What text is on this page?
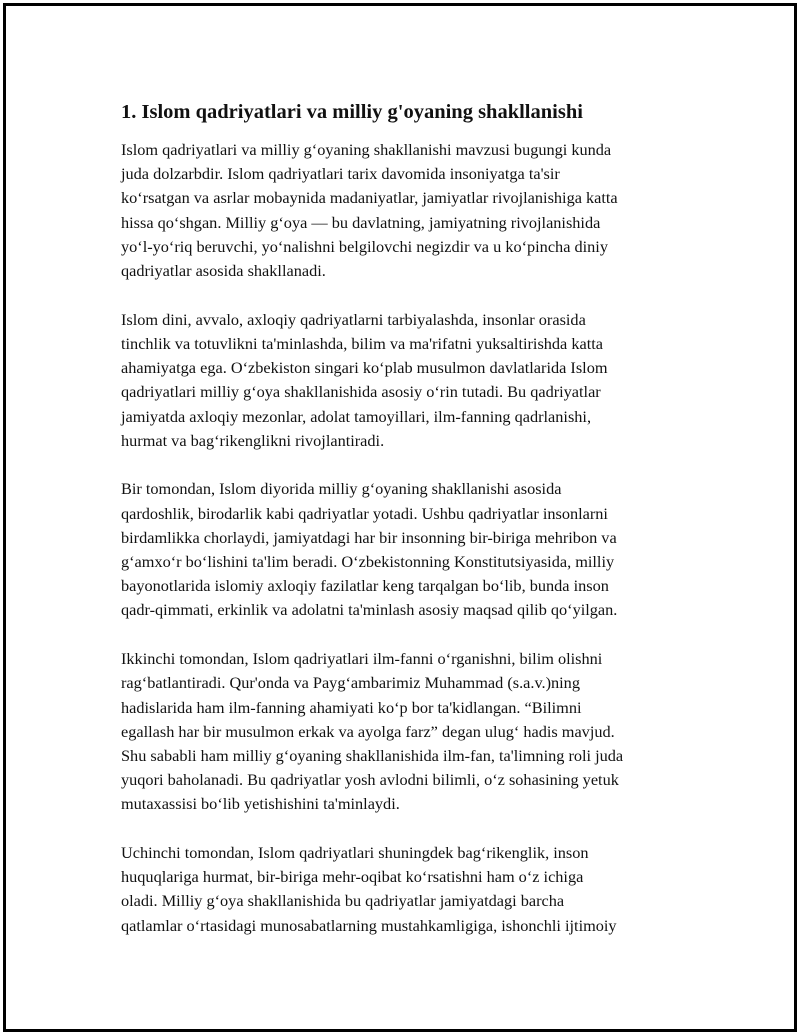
1. Islom qadriyatlari va milliy g'oyaning shakllanishi

Islom qadriyatlari va milliy g‘oyaning shakllanishi mavzusi bugungi kunda
juda dolzarbdir. Islom qadriyatlari tarix davomida insoniyatga ta'sir
ko‘rsatgan va asrlar mobaynida madaniyatlar, jamiyatlar rivojlanishiga katta
hissa qo‘shgan. Milliy g‘oya — bu davlatning, jamiyatning rivojlanishida
yo‘l-yo‘riq beruvchi, yo‘nalishni belgilovchi negizdir va u ko‘pincha diniy
qadriyatlar asosida shakllanadi.

Islom dini, avvalo, axloqiy qadriyatlarni tarbiyalashda, insonlar orasida
tinchlik va totuvlikni ta'minlashda, bilim va ma'rifatni yuksaltirishda katta
ahamiyatga ega. O‘zbekiston singari ko‘plab musulmon davlatlarida Islom
qadriyatlari milliy g‘oya shakllanishida asosiy o‘rin tutadi. Bu qadriyatlar
jamiyatda axloqiy mezonlar, adolat tamoyillari, ilm-fanning qadrlanishi,
hurmat va bag‘rikenglikni rivojlantiradi.

Bir tomondan, Islom diyorida milliy g‘oyaning shakllanishi asosida
qardoshlik, birodarlik kabi qadriyatlar yotadi. Ushbu qadriyatlar insonlarni
birdamlikka chorlaydi, jamiyatdagi har bir insonning bir-biriga mehribon va
g‘amxo‘r bo‘lishini ta'lim beradi. O‘zbekistonning Konstitutsiyasida, milliy
bayonotlarida islomiy axloqiy fazilatlar keng tarqalgan bo‘lib, bunda inson
qadr-qimmati, erkinlik va adolatni ta'minlash asosiy maqsad qilib qo‘yilgan.

Ikkinchi tomondan, Islom qadriyatlari ilm-fanni o‘rganishni, bilim olishni
rag‘batlantiradi. Qur'onda va Payg‘ambarimiz Muhammad (s.a.v.)ning
hadislarida ham ilm-fanning ahamiyati ko‘p bor ta'kidlangan. “Bilimni
egallash har bir musulmon erkak va ayolga farz” degan ulug‘ hadis mavjud.
Shu sababli ham milliy g‘oyaning shakllanishida ilm-fan, ta'limning roli juda
yuqori baholanadi. Bu qadriyatlar yosh avlodni bilimli, o‘z sohasining yetuk
mutaxassisi bo‘lib yetishishini ta'minlaydi.

Uchinchi tomondan, Islom qadriyatlari shuningdek bag‘rikenglik, inson
huquqlariga hurmat, bir-biriga mehr-oqibat ko‘rsatishni ham o‘z ichiga
oladi. Milliy g‘oya shakllanishida bu qadriyatlar jamiyatdagi barcha
qatlamlar o‘rtasidagi munosabatlarning mustahkamligiga, ishonchli ijtimoiy
